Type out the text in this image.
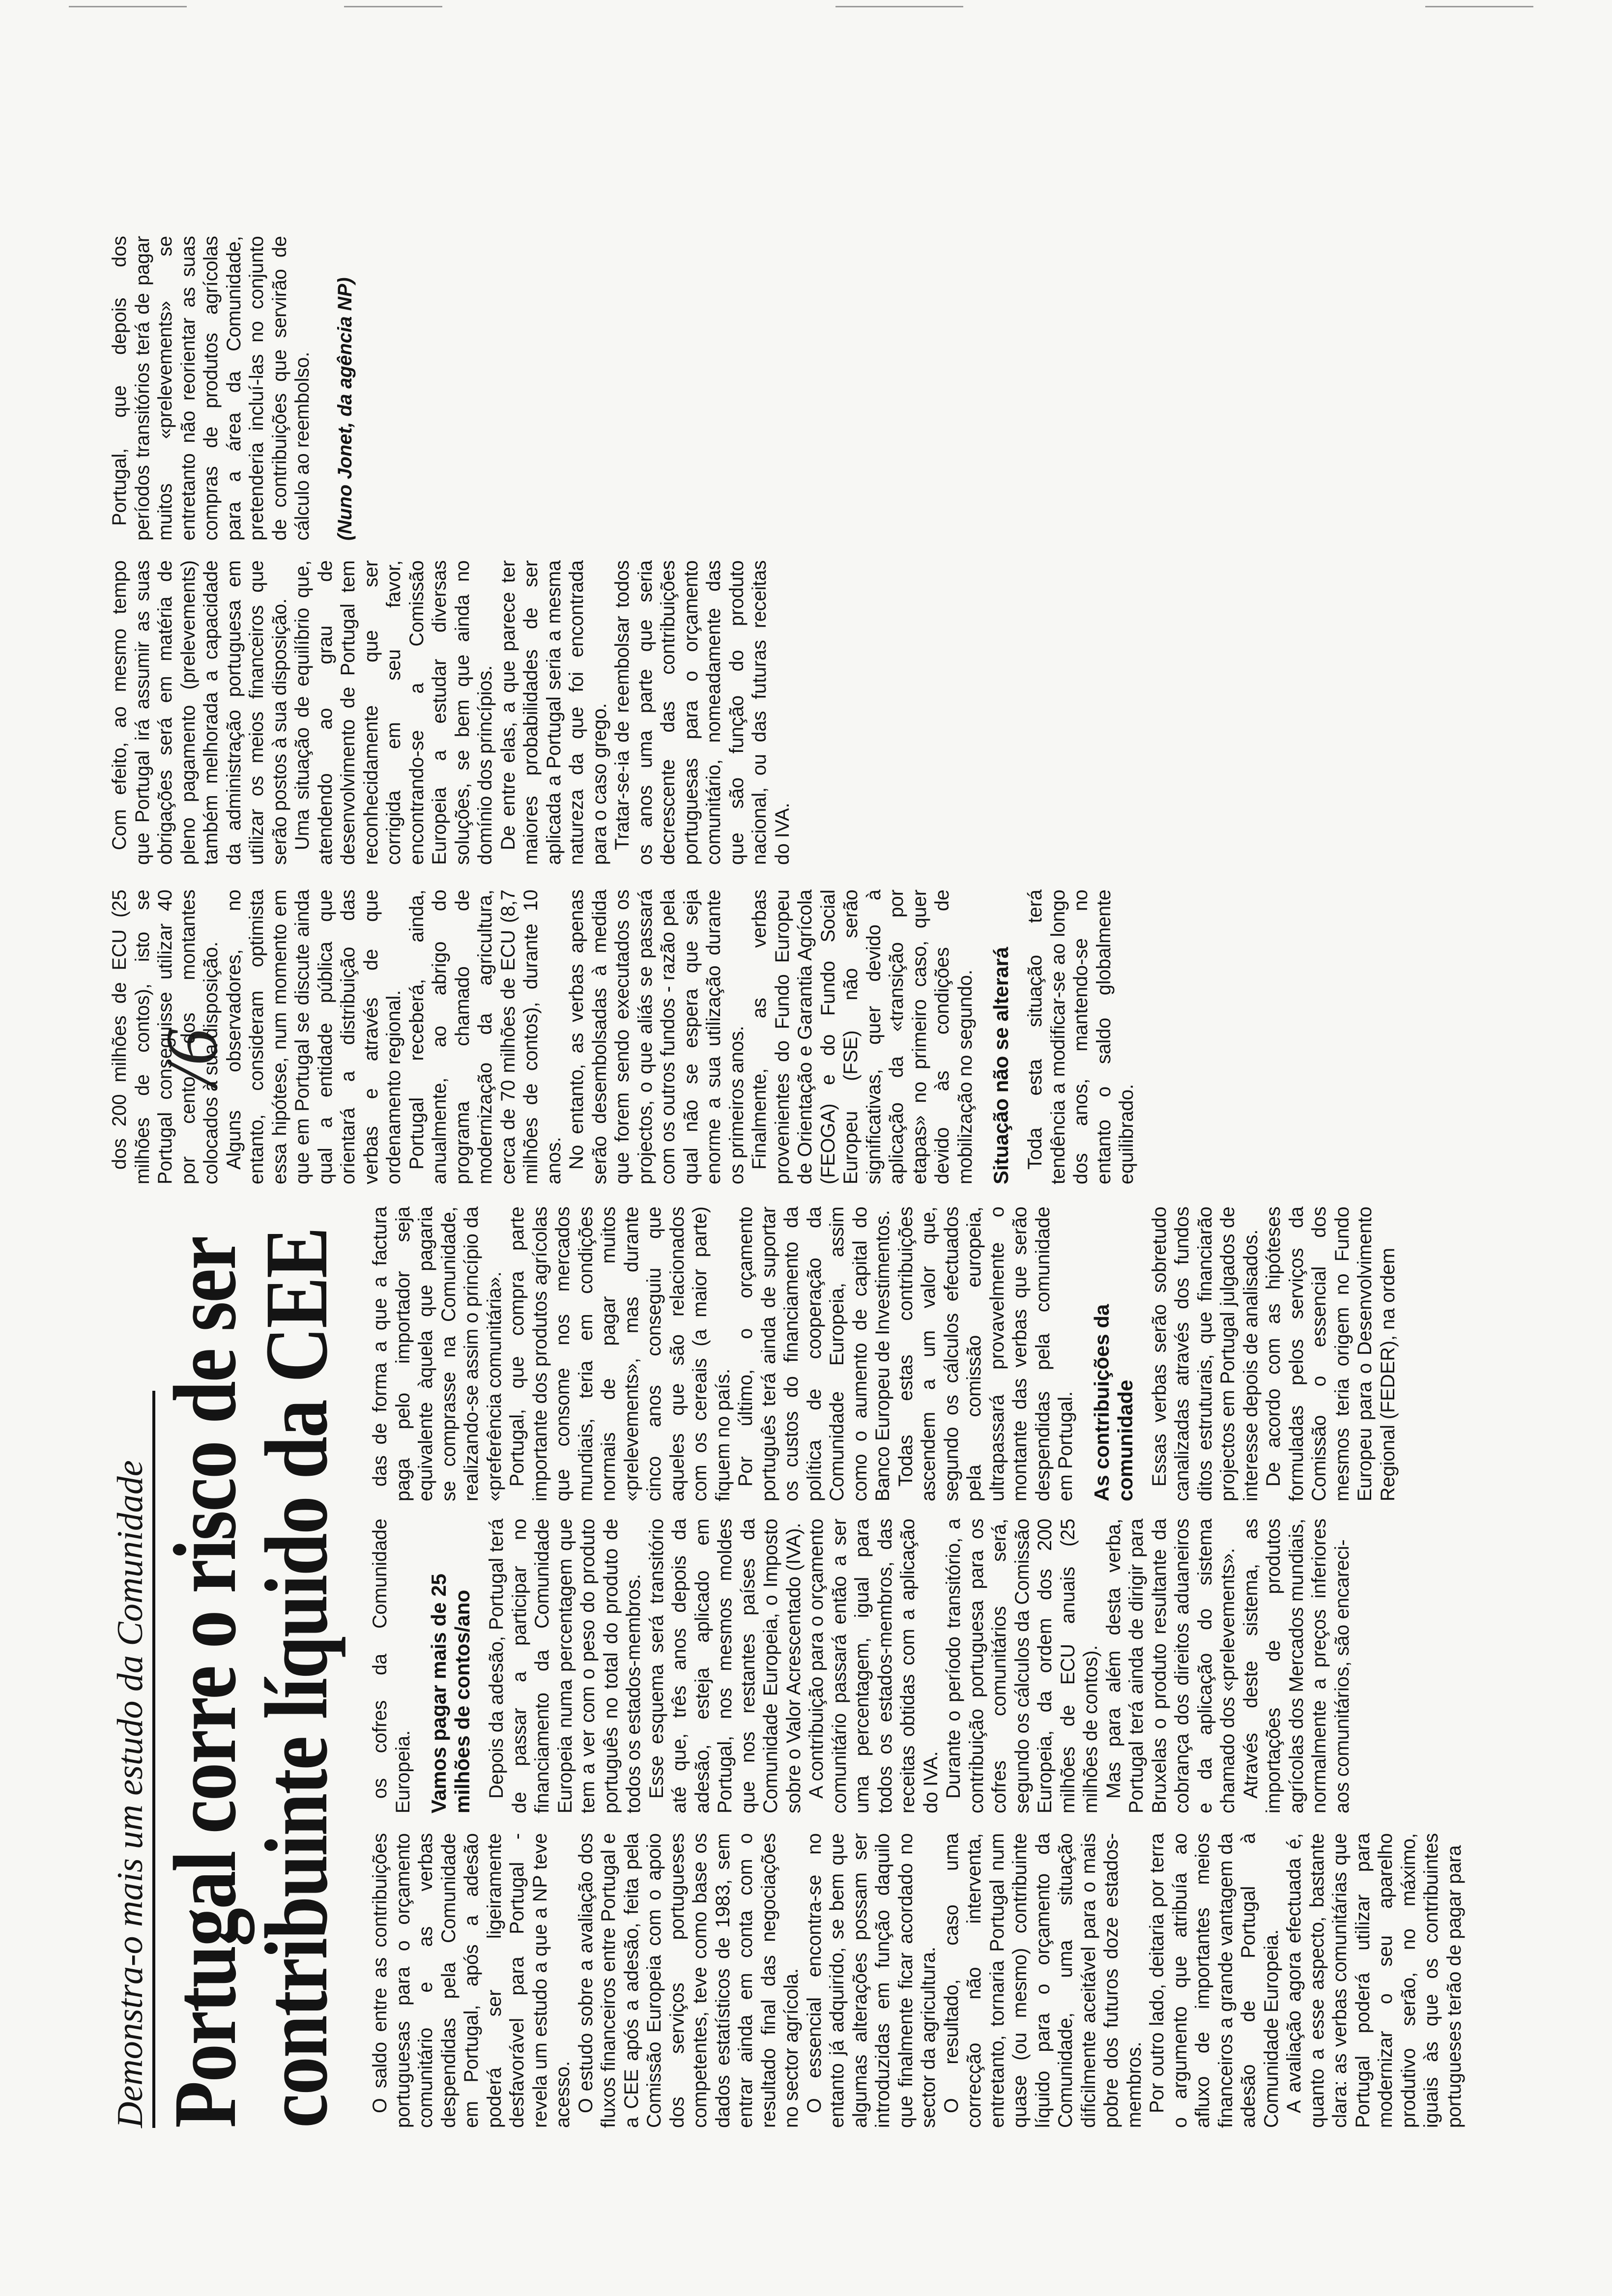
Demonstra-o mais um estudo da Comunidade Portugal corre o risco de ser
contribuinte líquido da CEE
/6

O saldo entre as contribuições portuguesas para o orçamento comunitário e as verbas despendidas pela Comunidade em Portugal, após a adesão poderá ser ligeiramente desfavorável para Portugal - revela um estudo a que a NP teve acesso. O estudo sobre a avaliação dos fluxos financeiros entre Portugal e a CEE após a adesão, feita pela Comissão Europeia com o apoio dos serviços portugueses competentes, teve como base os dados estatísticos de 1983, sem entrar ainda em conta com o resultado final das negociações no sector agrícola. O essencial encontra-se no entanto já adquirido, se bem que algumas alterações possam ser introduzidas em função daquilo que finalmente ficar acordado no sector da agricultura. O resultado, caso uma correcção não interventa, entretanto, tornaria Portugal num quase (ou mesmo) contribuinte líquido para o orçamento da Comunidade, uma situação dificilmente aceitável para o mais pobre dos futuros doze estados-membros. Por outro lado, deitaria por terra o argumento que atribuía ao afluxo de importantes meios financeiros a grande vantagem da adesão de Portugal à Comunidade Europeia. A avaliação agora efectuada é, quanto a esse aspecto, bastante clara: as verbas comunitárias que Portugal poderá utilizar para modernizar o seu aparelho produtivo serão, no máximo, iguais às que os contribuintes portugueses terão de pagar para

os cofres da Comunidade Europeia. Vamos pagar mais de 25 milhões de contos/ano Depois da adesão, Portugal terá de passar a participar no financiamento da Comunidade Europeia numa percentagem que tem a ver com o peso do produto português no total do produto de todos os estados-membros. Esse esquema será transitório até que, três anos depois da adesão, esteja aplicado em Portugal, nos mesmos moldes que nos restantes países da Comunidade Europeia, o Imposto sobre o Valor Acrescentado (IVA). A contribuição para o orçamento comunitário passará então a ser uma percentagem, igual para todos os estados-membros, das receitas obtidas com a aplicação do IVA. Durante o período transitório, a contribuição portuguesa para os cofres comunitários será, segundo os cálculos da Comissão Europeia, da ordem dos 200 milhões de ECU anuais (25 milhões de contos). Mas para além desta verba, Portugal terá ainda de dirigir para Bruxelas o produto resultante da cobrança dos direitos aduaneiros e da aplicação do sistema chamado dos «prelevements». Através deste sistema, as importações de produtos agrícolas dos Mercados mundiais, normalmente a preços inferiores aos comunitários, são encareci-

das de forma a que a factura paga pelo importador seja equivalente àquela que pagaria se comprasse na Comunidade, realizando-se assim o princípio da «preferência comunitária». Portugal, que compra parte importante dos produtos agrícolas que consome nos mercados mundiais, teria em condições normais de pagar muitos «prelevements», mas durante cinco anos conseguiu que aqueles que são relacionados com os cereais (a maior parte) fiquem no país. Por último, o orçamento português terá ainda de suportar os custos do financiamento da política de cooperação da Comunidade Europeia, assim como o aumento de capital do Banco Europeu de Investimentos. Todas estas contribuições ascendem a um valor que, segundo os cálculos efectuados pela comissão europeia, ultrapassará provavelmente o montante das verbas que serão despendidas pela comunidade em Portugal. As contribuições da comunidade Essas verbas serão sobretudo canalizadas através dos fundos ditos estruturais, que financiarão projectos em Portugal julgados de interesse depois de analisados. De acordo com as hipóteses formuladas pelos serviços da Comissão o essencial dos mesmos teria origem no Fundo Europeu para o Desenvolvimento Regional (FEDER), na ordem

dos 200 milhões de ECU (25 milhões de contos), isto se Portugal conseguisse utilizar 40 por cento dos montantes colocados à sua disposição. Alguns observadores, no entanto, consideram optimista essa hipótese, num momento em que em Portugal se discute ainda qual a entidade pública que orientará a distribuição das verbas e através de que ordenamento regional. Portugal receberá, ainda, anualmente, ao abrigo do programa chamado de modernização da agricultura, cerca de 70 milhões de ECU (8,7 milhões de contos), durante 10 anos. No entanto, as verbas apenas serão desembolsadas à medida que forem sendo executados os projectos, o que aliás se passará com os outros fundos - razão pela qual não se espera que seja enorme a sua utilização durante os primeiros anos. Finalmente, as verbas provenientes do Fundo Europeu de Orientação e Garantia Agrícola (FEOGA) e do Fundo Social Europeu (FSE) não serão significativas, quer devido à aplicação da «transição por etapas» no primeiro caso, quer devido às condições de mobilização no segundo. Situação não se alterará Toda esta situação terá tendência a modificar-se ao longo dos anos, mantendo-se no entanto o saldo globalmente equilibrado.

Com efeito, ao mesmo tempo que Portugal irá assumir as suas obrigações será em matéria de pleno pagamento (prelevements) também melhorada a capacidade da administração portuguesa em utilizar os meios financeiros que serão postos à sua disposição. Uma situação de equilíbrio que, atendendo ao grau de desenvolvimento de Portugal tem reconhecidamente que ser corrigida em seu favor, encontrando-se a Comissão Europeia a estudar diversas soluções, se bem que ainda no domínio dos princípios. De entre elas, a que parece ter maiores probabilidades de ser aplicada a Portugal seria a mesma natureza da que foi encontrada para o caso grego. Tratar-se-ia de reembolsar todos os anos uma parte que seria decrescente das contribuições portuguesas para o orçamento comunitário, nomeadamente das que são função do produto nacional, ou das futuras receitas do IVA.

Portugal, que depois dos períodos transitórios terá de pagar muitos «prelevements» se entretanto não reorientar as suas compras de produtos agrícolas para a área da Comunidade, pretenderia incluí-las no conjunto de contribuições que servirão de cálculo ao reembolso. (Nuno Jonet, da agência NP)
